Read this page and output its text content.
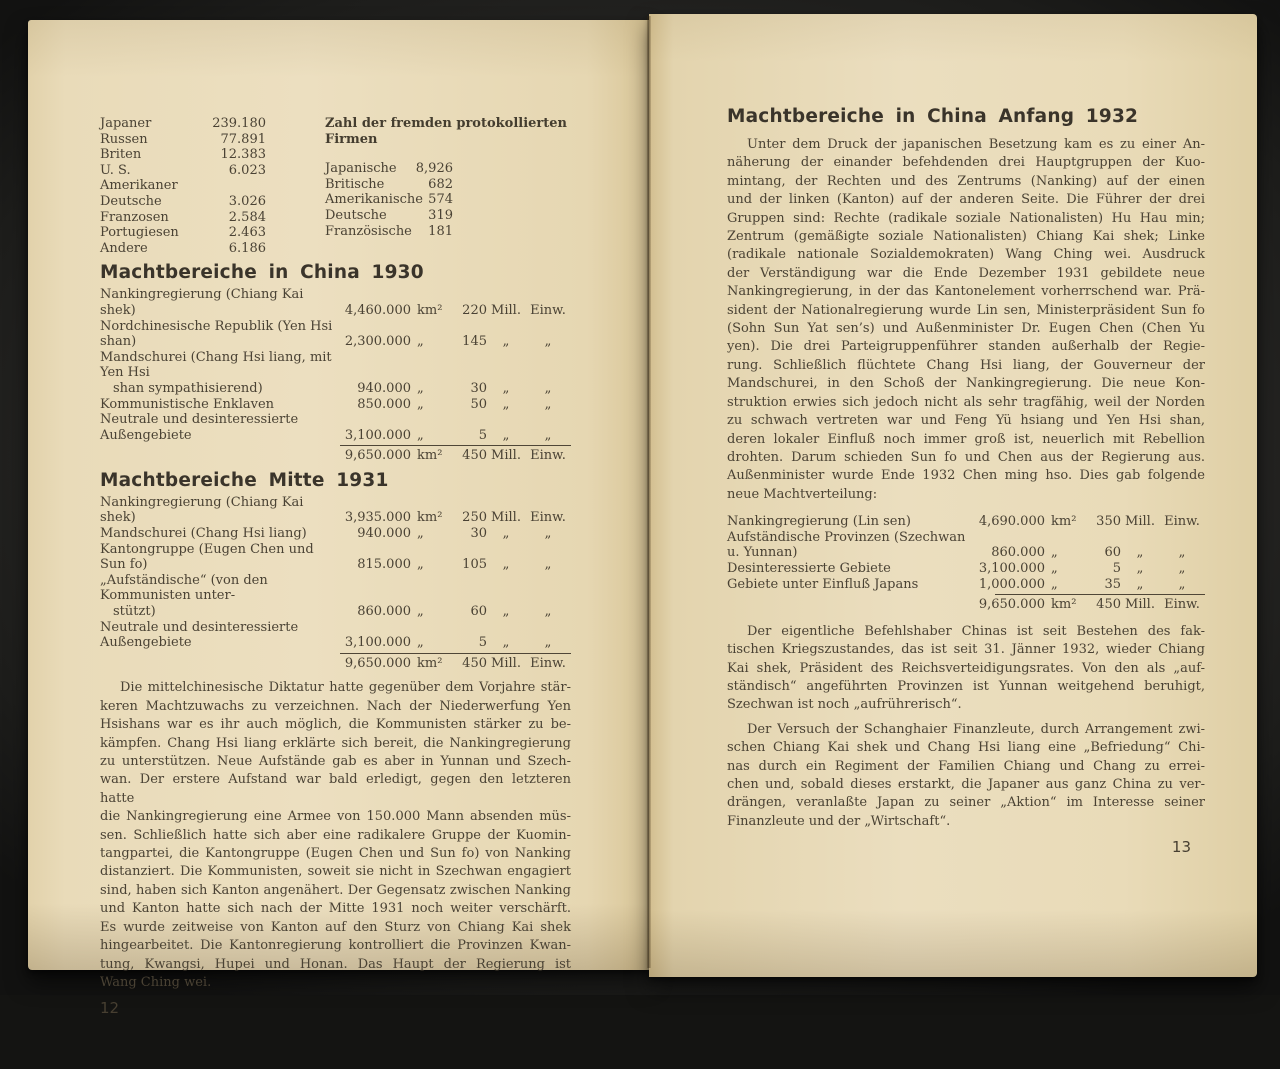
Japaner	239.180
Russen	77.891
Briten	12.383
U. S. Amerikaner
6.023
Deutsche	3.026
Franzosen	2.584
Portugiesen	2.463
Andere	6.186
Zahl der fremden protokollierten Firmen
Japanische	8,926
Britische	682
Amerikanische 574
Deutsche	319
Französische	181
Machtbereiche in China 1930
Nankingregierung (Chiang Kai shek)	4,460.000 km²	220 Mill. Einw.
Nordchinesische Republik (Yen Hsi shan)	2,300.000 „	145	„	„
Mandschurei (Chang Hsi liang, mit Yen Hsi
shan sympathisierend)	940.000 „	30	„	„
Kommunistische Enklaven	850.000 „	50	„	„
Neutrale und desinteressierte Außengebiete	3,100.000 „	5	„	„
9,650.000 km²	450 Mill. Einw.
Machtbereiche Mitte 1931
Nankingregierung (Chiang Kai shek)	3,935.000 km²	250 Mill. Einw.
Mandschurei (Chang Hsi liang)	940.000 „	30	„	„
Kantongruppe (Eugen Chen und Sun fo)	815.000 „	105	„	„
„Aufständische“ (von den Kommunisten unter-
stützt)	860.000 „	60	„	„
Neutrale und desinteressierte Außengebiete	3,100.000 „	5	„	„
9,650.000 km²	450 Mill. Einw.
Die mittelchinesische Diktatur hatte gegenüber dem Vorjahre stär-
keren Machtzuwachs zu verzeichnen. Nach der Niederwerfung Yen
Hsishans war es ihr auch möglich, die Kommunisten stärker zu be-
kämpfen. Chang Hsi liang erklärte sich bereit, die Nankingregierung
zu unterstützen. Neue Aufstände gab es aber in Yunnan und Szech-
wan. Der erstere Aufstand war bald erledigt, gegen den letzteren hatte
die Nankingregierung eine Armee von 150.000 Mann absenden müs-
sen. Schließlich hatte sich aber eine radikalere Gruppe der Kuomin-
tangpartei, die Kantongruppe (Eugen Chen und Sun fo) von Nanking
distanziert. Die Kommunisten, soweit sie nicht in Szechwan engagiert
sind, haben sich Kanton angenähert. Der Gegensatz zwischen Nanking
und Kanton hatte sich nach der Mitte 1931 noch weiter verschärft.
Es wurde zeitweise von Kanton auf den Sturz von Chiang Kai shek
hingearbeitet. Die Kantonregierung kontrolliert die Provinzen Kwan-
tung, Kwangsi, Hupei und Honan. Das Haupt der Regierung ist
Wang Ching wei.
12
Machtbereiche in China Anfang 1932
Unter dem Druck der japanischen Besetzung kam es zu einer An-
näherung der einander befehdenden drei Hauptgruppen der Kuo-
mintang, der Rechten und des Zentrums (Nanking) auf der einen
und der linken (Kanton) auf der anderen Seite. Die Führer der drei
Gruppen sind: Rechte (radikale soziale Nationalisten) Hu Hau min;
Zentrum (gemäßigte soziale Nationalisten) Chiang Kai shek; Linke
(radikale nationale Sozialdemokraten) Wang Ching wei. Ausdruck
der Verständigung war die Ende Dezember 1931 gebildete neue
Nankingregierung, in der das Kantonelement vorherrschend war. Prä-
sident der Nationalregierung wurde Lin sen, Ministerpräsident Sun fo
(Sohn Sun Yat sen’s) und Außenminister Dr. Eugen Chen (Chen Yu
yen). Die drei Parteigruppenführer standen außerhalb der Regie-
rung. Schließlich flüchtete Chang Hsi liang, der Gouverneur der
Mandschurei, in den Schoß der Nankingregierung. Die neue Kon-
struktion erwies sich jedoch nicht als sehr tragfähig, weil der Norden
zu schwach vertreten war und Feng Yü hsiang und Yen Hsi shan,
deren lokaler Einfluß noch immer groß ist, neuerlich mit Rebellion
drohten. Darum schieden Sun fo und Chen aus der Regierung aus.
Außenminister wurde Ende 1932 Chen ming hso. Dies gab folgende
neue Machtverteilung:
Nankingregierung (Lin sen)	4,690.000 km²	350 Mill. Einw.
Aufständische Provinzen (Szechwan u. Yunnan)	860.000 „	60	„	„
Desinteressierte Gebiete	3,100.000 „	5	„	„
Gebiete unter Einfluß Japans	1,000.000 „	35	„	„
9,650.000 km²	450 Mill. Einw.
Der eigentliche Befehlshaber Chinas ist seit Bestehen des fak-
tischen Kriegszustandes, das ist seit 31. Jänner 1932, wieder Chiang
Kai shek, Präsident des Reichsverteidigungsrates. Von den als „auf-
ständisch“ angeführten Provinzen ist Yunnan weitgehend beruhigt,
Szechwan ist noch „aufrührerisch“.
Der Versuch der Schanghaier Finanzleute, durch Arrangement zwi-
schen Chiang Kai shek und Chang Hsi liang eine „Befriedung“ Chi-
nas durch ein Regiment der Familien Chiang und Chang zu errei-
chen und, sobald dieses erstarkt, die Japaner aus ganz China zu ver-
drängen, veranlaßte Japan zu seiner „Aktion“ im Interesse seiner
Finanzleute und der „Wirtschaft“.
13
